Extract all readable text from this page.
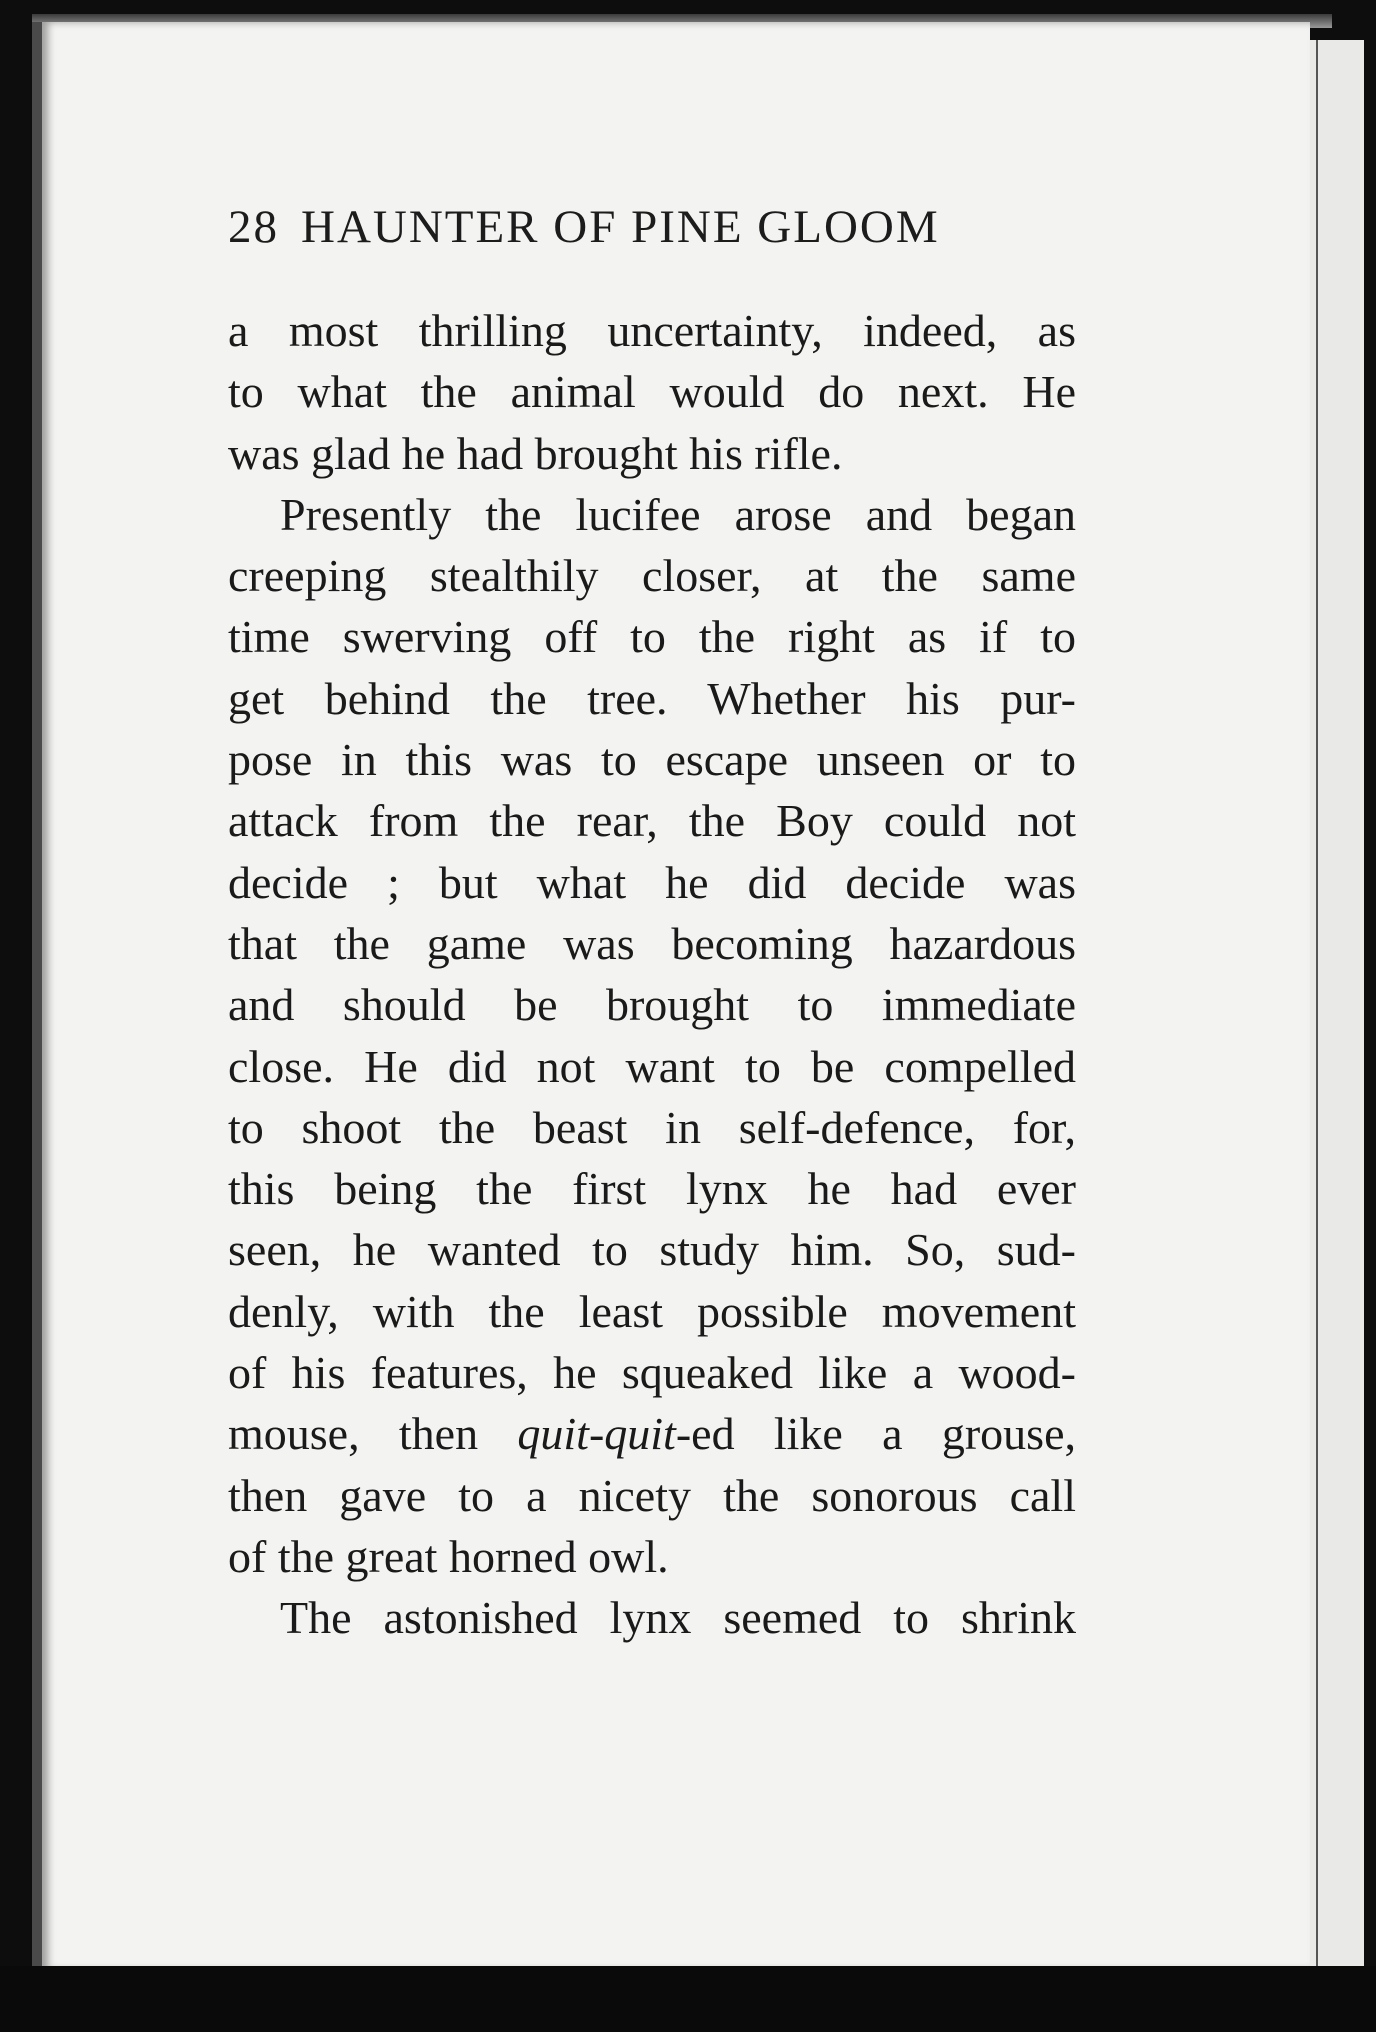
28 HAUNTER OF PINE GLOOM
a most thrilling uncertainty, indeed, as
to what the animal would do next. He
was glad he had brought his rifle.
Presently the lucifee arose and began
creeping stealthily closer, at the same
time swerving off to the right as if to
get behind the tree. Whether his pur-
pose in this was to escape unseen or to
attack from the rear, the Boy could not
decide ; but what he did decide was
that the game was becoming hazardous
and should be brought to immediate
close. He did not want to be compelled
to shoot the beast in self-defence, for,
this being the first lynx he had ever
seen, he wanted to study him. So, sud-
denly, with the least possible movement
of his features, he squeaked like a wood-
mouse, then quit-quit-ed like a grouse,
then gave to a nicety the sonorous call
of the great horned owl.
The astonished lynx seemed to shrink
